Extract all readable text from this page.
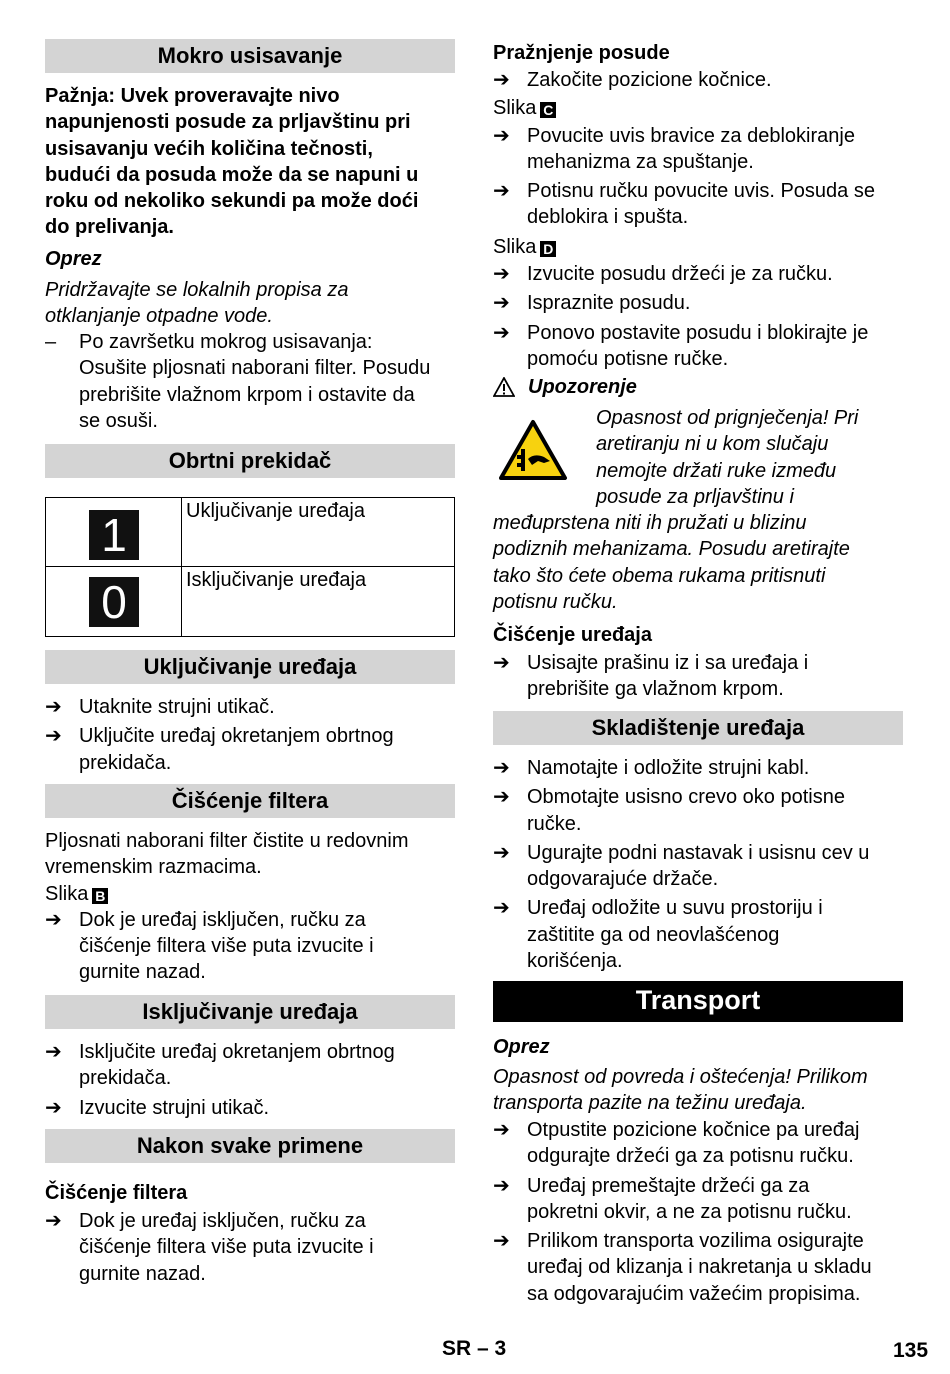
Mokro usisavanje
Pažnja: Uvek proveravajte nivo
napunjenosti posude za prljavštinu pri
usisavanju većih količina tečnosti,
budući da posuda može da se napuni u
roku od nekoliko sekundi pa može doći
do prelivanja.
Oprez
Pridržavajte se lokalnih propisa za
otklanjanje otpadne vode.
–	Po završetku mokrog usisavanja:
Osušite pljosnati naborani filter. Posudu
prebrišite vlažnom krpom i ostavite da
se osuši.
Obrtni prekidač
1	Uključivanje uređaja
0	Isključivanje uređaja
Uključivanje uređaja
➔ Utaknite strujni utikač.
➔ Uključite uređaj okretanjem obrtnog
prekidača.
Čišćenje filtera
Pljosnati naborani filter čistite u redovnim
vremenskim razmacima.
Slika B
➔ Dok je uređaj isključen, ručku za
čišćenje filtera više puta izvucite i
gurnite nazad.
Isključivanje uređaja
➔ Isključite uređaj okretanjem obrtnog
prekidača.
➔ Izvucite strujni utikač.
Nakon svake primene
Čišćenje filtera
➔ Dok je uređaj isključen, ručku za
čišćenje filtera više puta izvucite i
gurnite nazad.
Pražnjenje posude
➔ Zakočite pozicione kočnice.
Slika C
➔ Povucite uvis bravice za deblokiranje
mehanizma za spuštanje.
➔ Potisnu ručku povucite uvis. Posuda se
deblokira i spušta.
Slika D
➔ Izvucite posudu držeći je za ručku.
➔ Ispraznite posudu.
➔ Ponovo postavite posudu i blokirajte je
pomoću potisne ručke.
Upozorenje
Opasnost od prignječenja! Pri
aretiranju ni u kom slučaju
nemojte držati ruke između
posude za prljavštinu i
međuprstena niti ih pružati u blizinu
podiznih mehanizama. Posudu aretirajte
tako što ćete obema rukama pritisnuti
potisnu ručku.
Čišćenje uređaja
➔ Usisajte prašinu iz i sa uređaja i
prebrišite ga vlažnom krpom.
Skladištenje uređaja
➔ Namotajte i odložite strujni kabl.
➔ Obmotajte usisno crevo oko potisne
ručke.
➔ Ugurajte podni nastavak i usisnu cev u
odgovarajuće držače.
➔ Uređaj odložite u suvu prostoriju i
zaštitite ga od neovlašćenog
korišćenja.
Transport
Oprez
Opasnost od povreda i oštećenja! Prilikom
transporta pazite na težinu uređaja.
➔ Otpustite pozicione kočnice pa uređaj
odgurajte držeći ga za potisnu ručku.
➔ Uređaj premeštajte držeći ga za
pokretni okvir, a ne za potisnu ručku.
➔ Prilikom transporta vozilima osigurajte
uređaj od klizanja i nakretanja u skladu
sa odgovarajućim važećim propisima.
SR – 3	135
